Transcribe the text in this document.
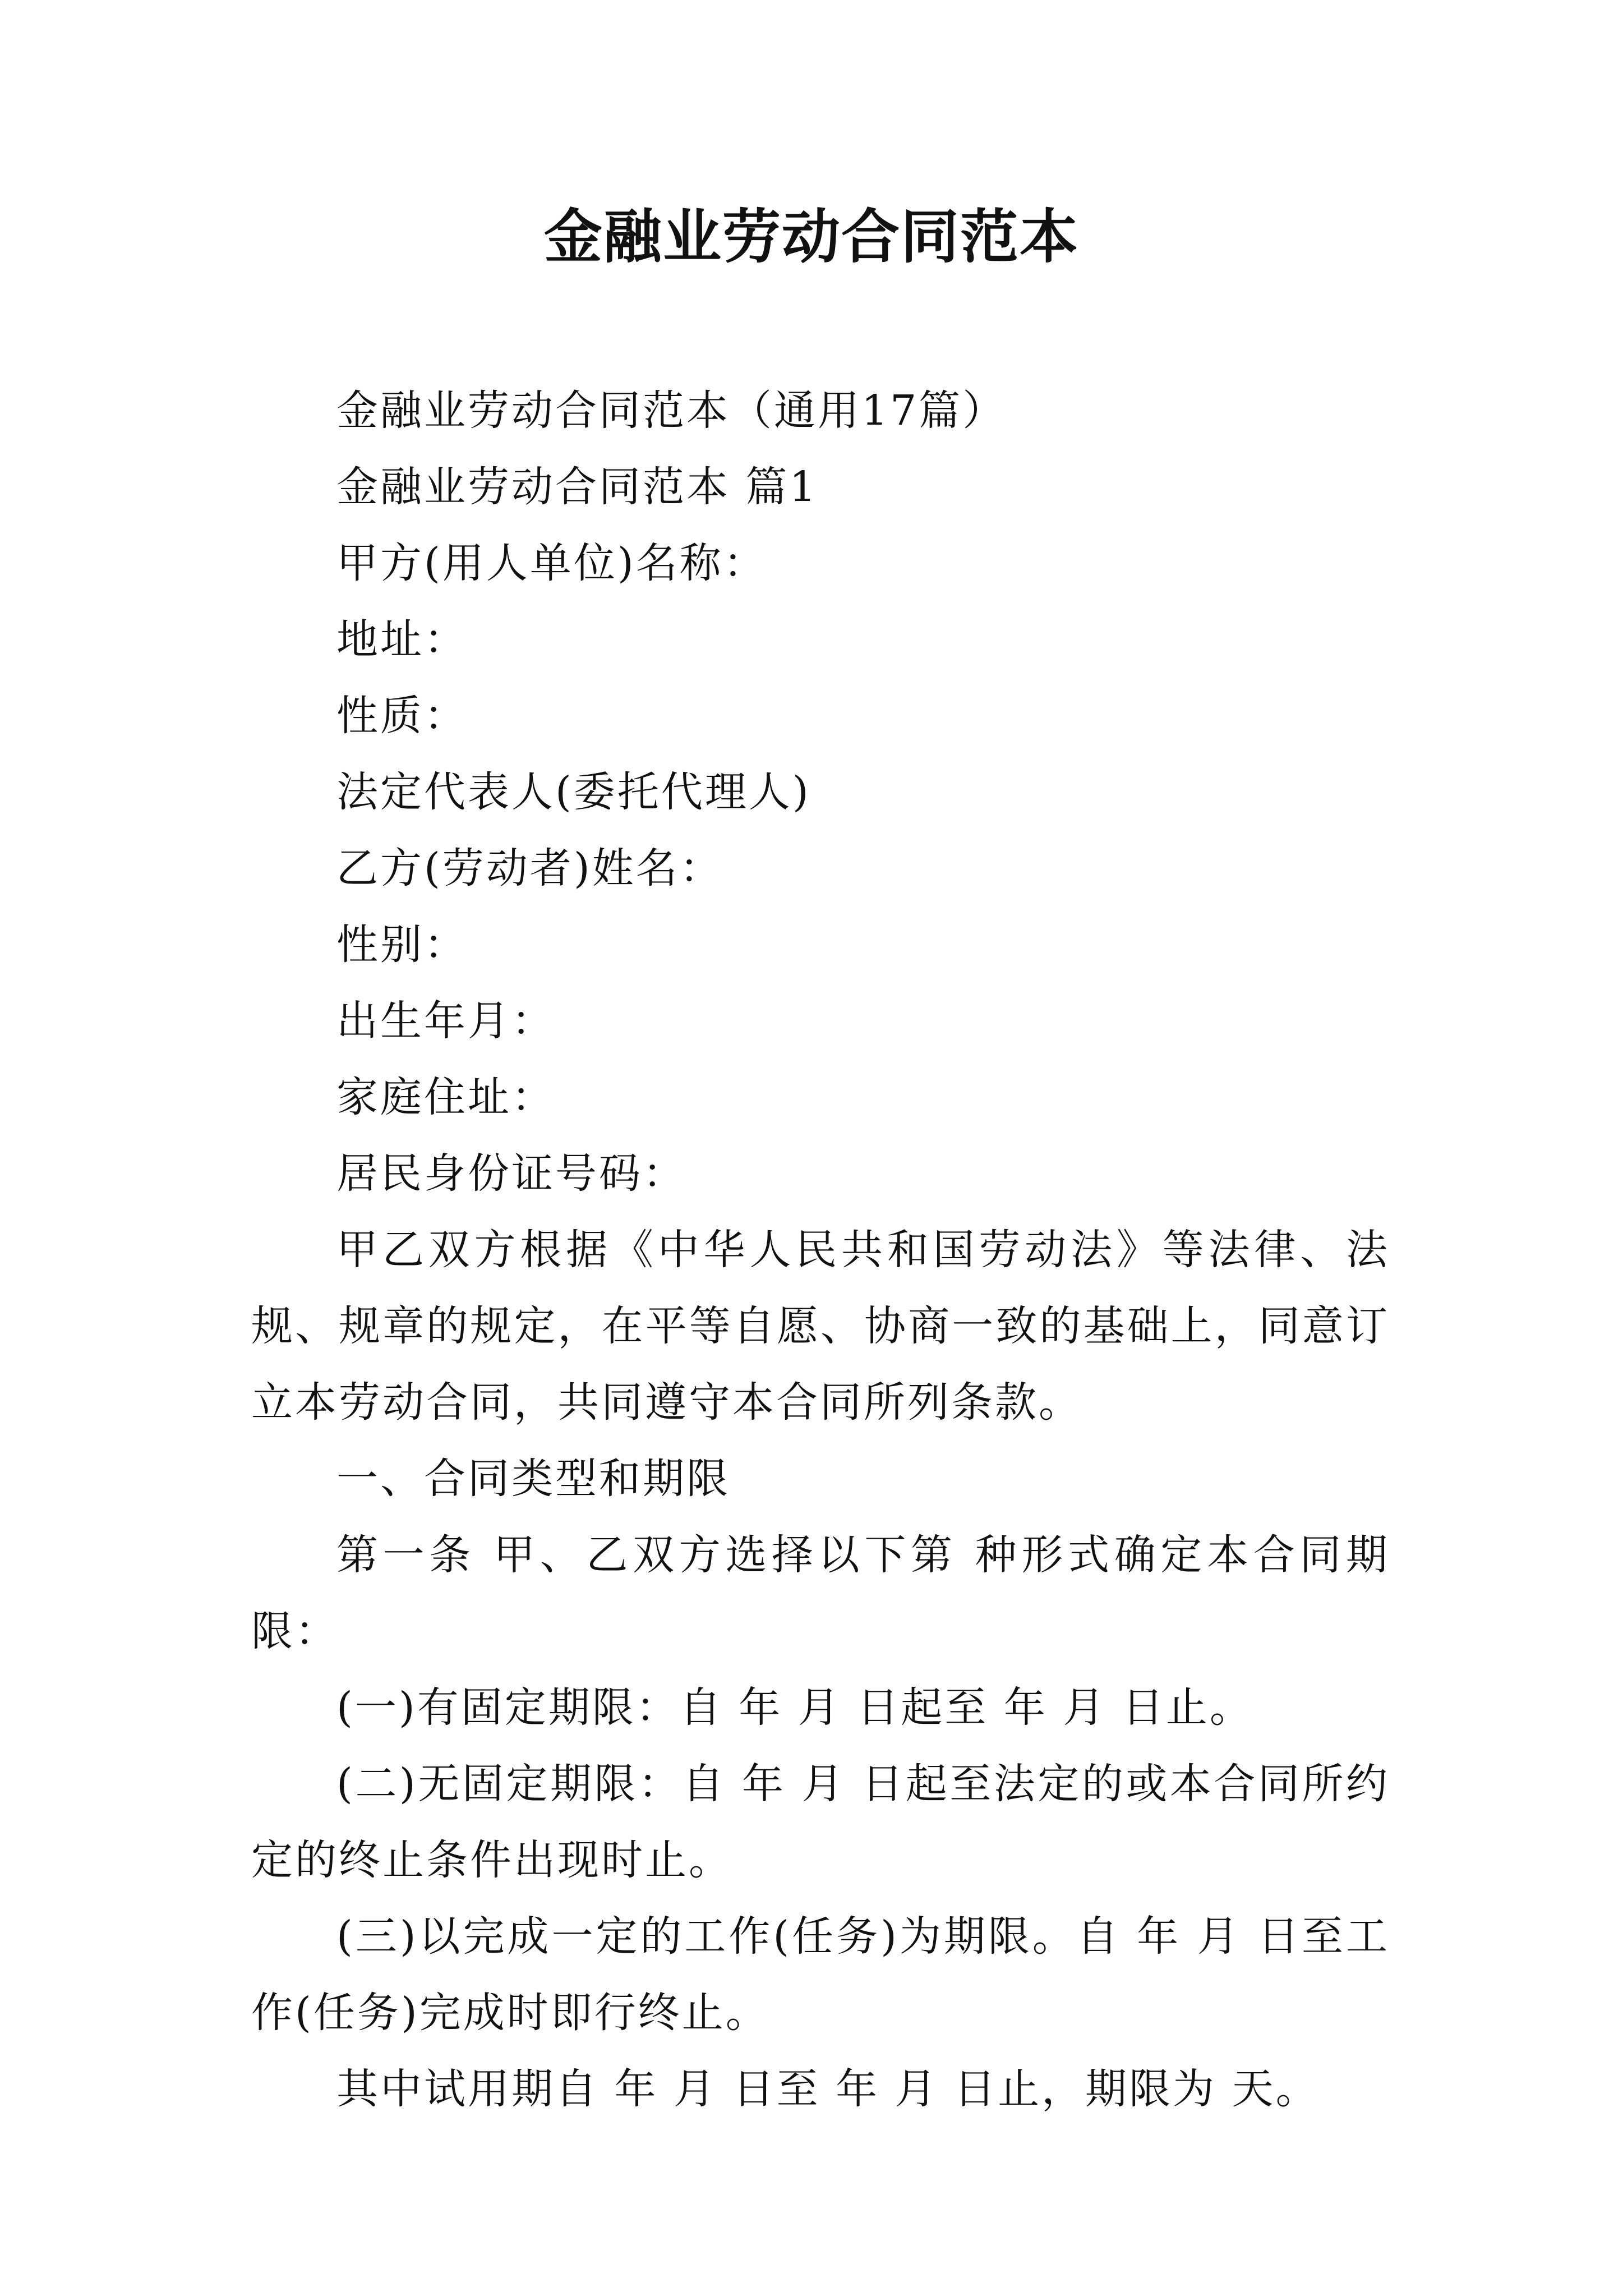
金融业劳动合同范本

金融业劳动合同范本（通用17篇）

金融业劳动合同范本 篇1

甲方(用人单位)名称：

地址：

性质：

法定代表人(委托代理人)

乙方(劳动者)姓名：

性别：

出生年月：

家庭住址：

居民身份证号码：

甲乙双方根据《中华人民共和国劳动法》等法律、法规、规章的规定，在平等自愿、协商一致的基础上，同意订立本劳动合同，共同遵守本合同所列条款。

一、合同类型和期限

第一条 甲、乙双方选择以下第 种形式确定本合同期限：

(一)有固定期限：自 年 月 日起至 年 月 日止。

(二)无固定期限：自 年 月 日起至法定的或本合同所约定的终止条件出现时止。

(三)以完成一定的工作(任务)为期限。自 年 月 日至工作(任务)完成时即行终止。

其中试用期自 年 月 日至 年 月 日止，期限为 天。
